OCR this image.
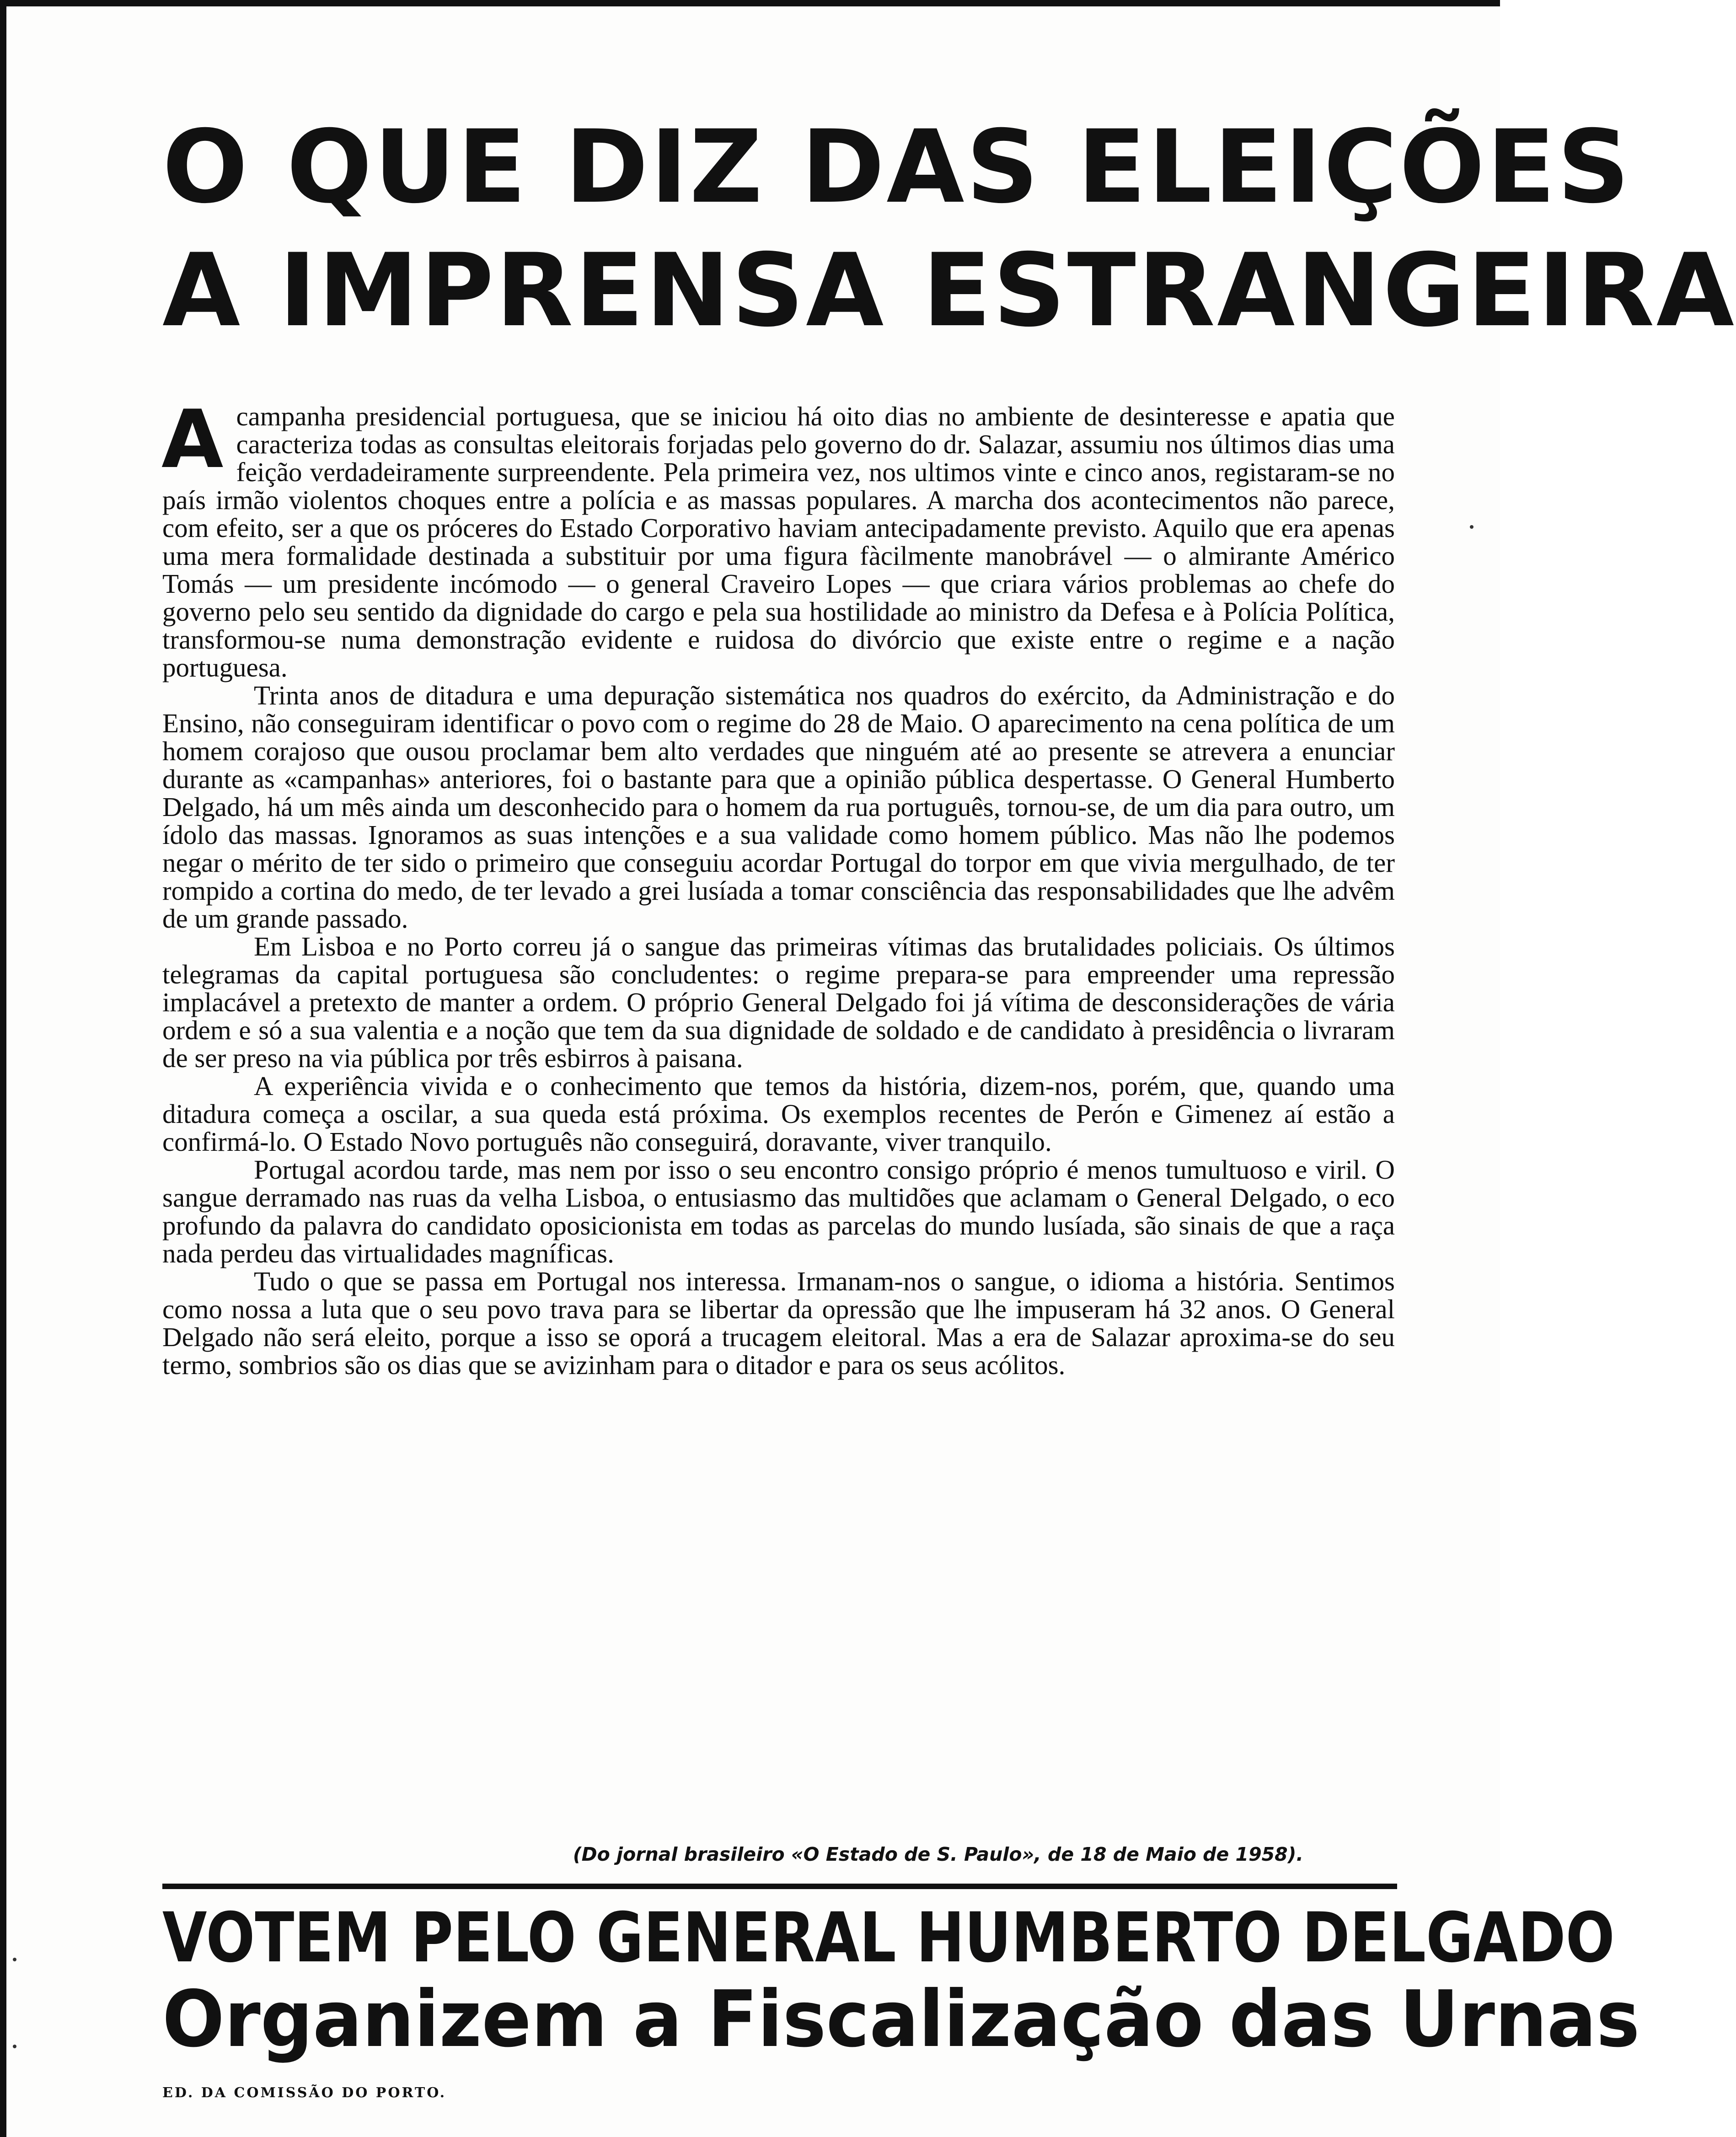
O QUE DIZ DAS ELEIÇÕES
A IMPRENSA ESTRANGEIRA

Acampanha presidencial portuguesa, que se iniciou há oito dias no ambiente de desinteresse e apatia que caracteriza todas as consultas eleitorais forjadas pelo governo do dr. Salazar, assumiu nos últimos dias uma feição verdadeiramente surpreendente. Pela primeira vez, nos ultimos vinte e cinco anos, registaram-se no país irmão violentos choques entre a polícia e as massas populares. A marcha dos acontecimentos não parece, com efeito, ser a que os próceres do Estado Corporativo haviam antecipadamente previsto. Aquilo que era apenas uma mera formalidade destinada a substituir por uma figura fàcilmente manobrável — o almirante Américo Tomás — um presidente incómodo — o general Craveiro Lopes — que criara vários problemas ao chefe do governo pelo seu sentido da dignidade do cargo e pela sua hostilidade ao ministro da Defesa e à Polícia Política, transformou-se numa demonstração evidente e ruidosa do divórcio que existe entre o regime e a nação portuguesa.

Trinta anos de ditadura e uma depuração sistemática nos quadros do exército, da Administração e do Ensino, não conseguiram identificar o povo com o regime do 28 de Maio. O aparecimento na cena política de um homem corajoso que ousou proclamar bem alto verdades que ninguém até ao presente se atrevera a enunciar durante as «campanhas» anteriores, foi o bastante para que a opinião pública despertasse. O General Humberto Delgado, há um mês ainda um desconhecido para o homem da rua português, tornou-se, de um dia para outro, um ídolo das massas. Ignoramos as suas intenções e a sua validade como homem público. Mas não lhe podemos negar o mérito de ter sido o primeiro que conseguiu acordar Portugal do torpor em que vivia mergulhado, de ter rompido a cortina do medo, de ter levado a grei lusíada a tomar consciência das responsabilidades que lhe advêm de um grande passado.

Em Lisboa e no Porto correu já o sangue das primeiras vítimas das brutalidades policiais. Os últimos telegramas da capital portuguesa são concludentes: o regime prepara-se para empreender uma repressão implacável a pretexto de manter a ordem. O próprio General Delgado foi já vítima de desconsiderações de vária ordem e só a sua valentia e a noção que tem da sua dignidade de soldado e de candidato à presidência o livraram de ser preso na via pública por três esbirros à paisana.

A experiência vivida e o conhecimento que temos da história, dizem-nos, porém, que, quando uma ditadura começa a oscilar, a sua queda está próxima. Os exemplos recentes de Perón e Gimenez aí estão a confirmá-lo. O Estado Novo português não conseguirá, doravante, viver tranquilo.

Portugal acordou tarde, mas nem por isso o seu encontro consigo próprio é menos tumultuoso e viril. O sangue derramado nas ruas da velha Lisboa, o entusiasmo das multidões que aclamam o General Delgado, o eco profundo da palavra do candidato oposicionista em todas as parcelas do mundo lusíada, são sinais de que a raça nada perdeu das virtualidades magníficas.

Tudo o que se passa em Portugal nos interessa. Irmanam-nos o sangue, o idioma a história. Sentimos como nossa a luta que o seu povo trava para se libertar da opressão que lhe impuseram há 32 anos. O General Delgado não será eleito, porque a isso se oporá a trucagem eleitoral. Mas a era de Salazar aproxima-se do seu termo, sombrios são os dias que se avizinham para o ditador e para os seus acólitos.

(Do jornal brasileiro «O Estado de S. Paulo», de 18 de Maio de 1958).
VOTEM PELO GENERAL HUMBERTO DELGADO
Organizem a Fiscalização das Urnas
ED. DA COMISSÃO DO PORTO.
